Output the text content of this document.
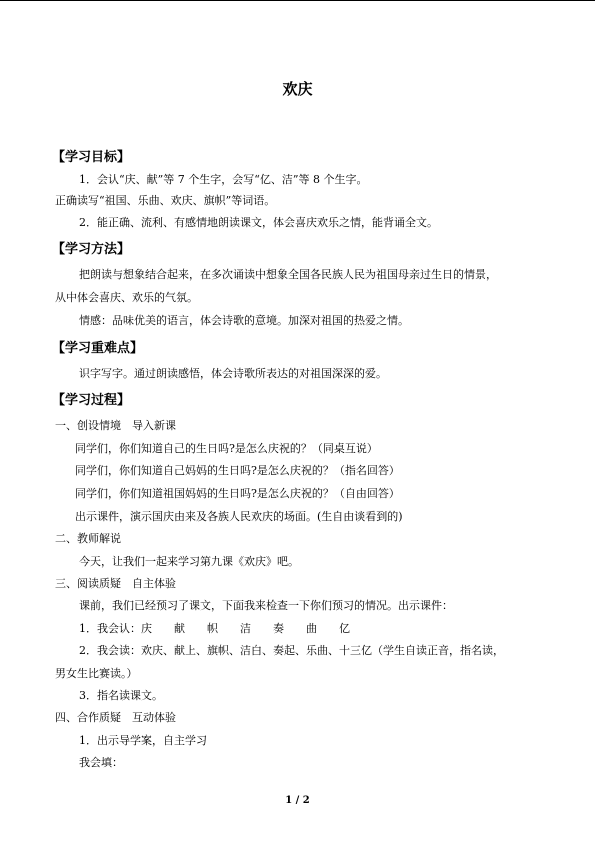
欢庆
【学习目标】
1．会认“庆、献”等 7 个生字，会写“亿、洁”等 8 个生字。
正确读写“祖国、乐曲、欢庆、旗帜”等词语。
2．能正确、流利、有感情地朗读课文，体会喜庆欢乐之情，能背诵全文。
【学习方法】
把朗读与想象结合起来，在多次诵读中想象全国各民族人民为祖国母亲过生日的情景，
从中体会喜庆、欢乐的气氛。
情感：品味优美的语言，体会诗歌的意境。加深对祖国的热爱之情。
【学习重难点】
识字写字。通过朗读感悟，体会诗歌所表达的对祖国深深的爱。
【学习过程】
一、创设情境　导入新课
同学们，你们知道自己的生日吗?是怎么庆祝的？（同桌互说）
同学们，你们知道自己妈妈的生日吗?是怎么庆祝的？（指名回答）
同学们，你们知道祖国妈妈的生日吗?是怎么庆祝的？（自由回答）
出示课件，演示国庆由来及各族人民欢庆的场面。(生自由谈看到的)
二、教师解说
今天，让我们一起来学习第九课《欢庆》吧。
三、阅读质疑　自主体验
课前，我们已经预习了课文，下面我来检查一下你们预习的情况。出示课件：
1．我会认：庆　　献　　帜　　洁　　奏　　曲　　亿
2．我会读：欢庆、献上、旗帜、洁白、奏起、乐曲、十三亿（学生自读正音，指名读，
男女生比赛读。）
3．指名读课文。
四、合作质疑　互动体验
1．出示导学案，自主学习
我会填：
1 / 2
